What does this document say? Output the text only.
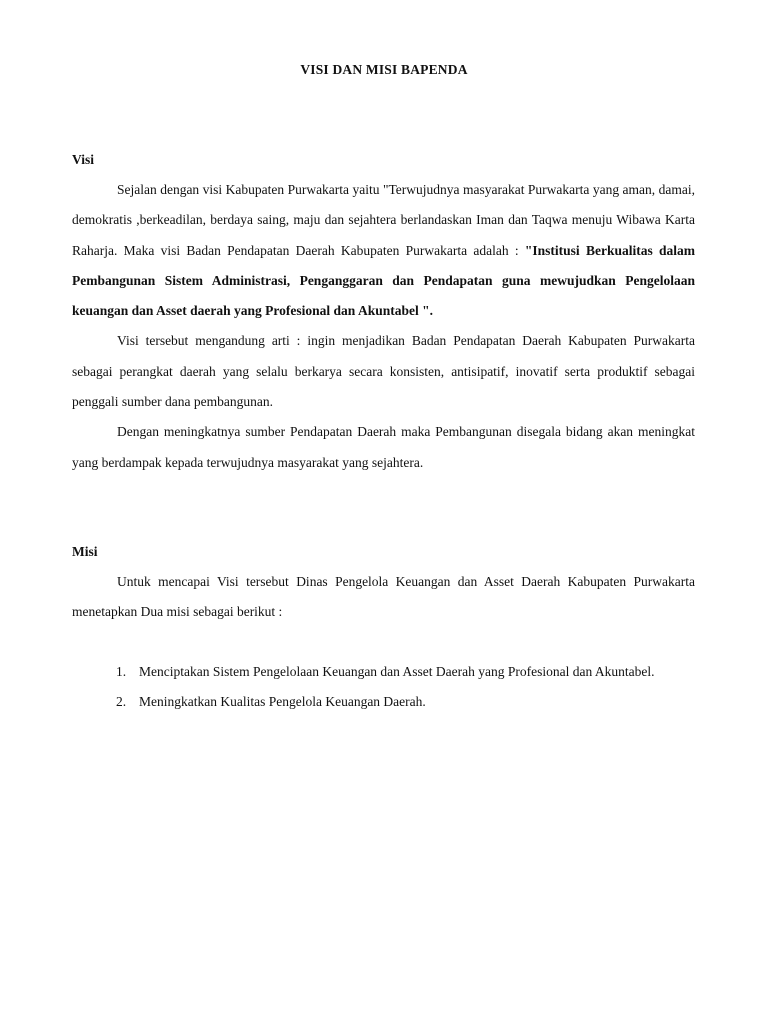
VISI DAN MISI BAPENDA

Visi

Sejalan dengan visi Kabupaten Purwakarta yaitu "Terwujudnya masyarakat Purwakarta yang aman, damai, demokratis ,berkeadilan, berdaya saing, maju dan sejahtera berlandaskan Iman dan Taqwa menuju Wibawa Karta Raharja. Maka visi Badan Pendapatan Daerah Kabupaten Purwakarta adalah : "Institusi Berkualitas dalam Pembangunan Sistem Administrasi, Penganggaran dan Pendapatan guna mewujudkan Pengelolaan keuangan dan Asset daerah yang Profesional dan Akuntabel ".

Visi tersebut mengandung arti : ingin menjadikan Badan Pendapatan Daerah Kabupaten Purwakarta sebagai perangkat daerah yang selalu berkarya secara konsisten, antisipatif, inovatif serta produktif sebagai penggali sumber dana pembangunan.

Dengan meningkatnya sumber Pendapatan Daerah maka Pembangunan disegala bidang akan meningkat yang berdampak kepada terwujudnya masyarakat yang sejahtera.

Misi

Untuk mencapai Visi tersebut Dinas Pengelola Keuangan dan Asset Daerah Kabupaten Purwakarta menetapkan Dua misi sebagai berikut :

1. Menciptakan Sistem Pengelolaan Keuangan dan Asset Daerah yang Profesional dan Akuntabel.
2. Meningkatkan Kualitas Pengelola Keuangan Daerah.
